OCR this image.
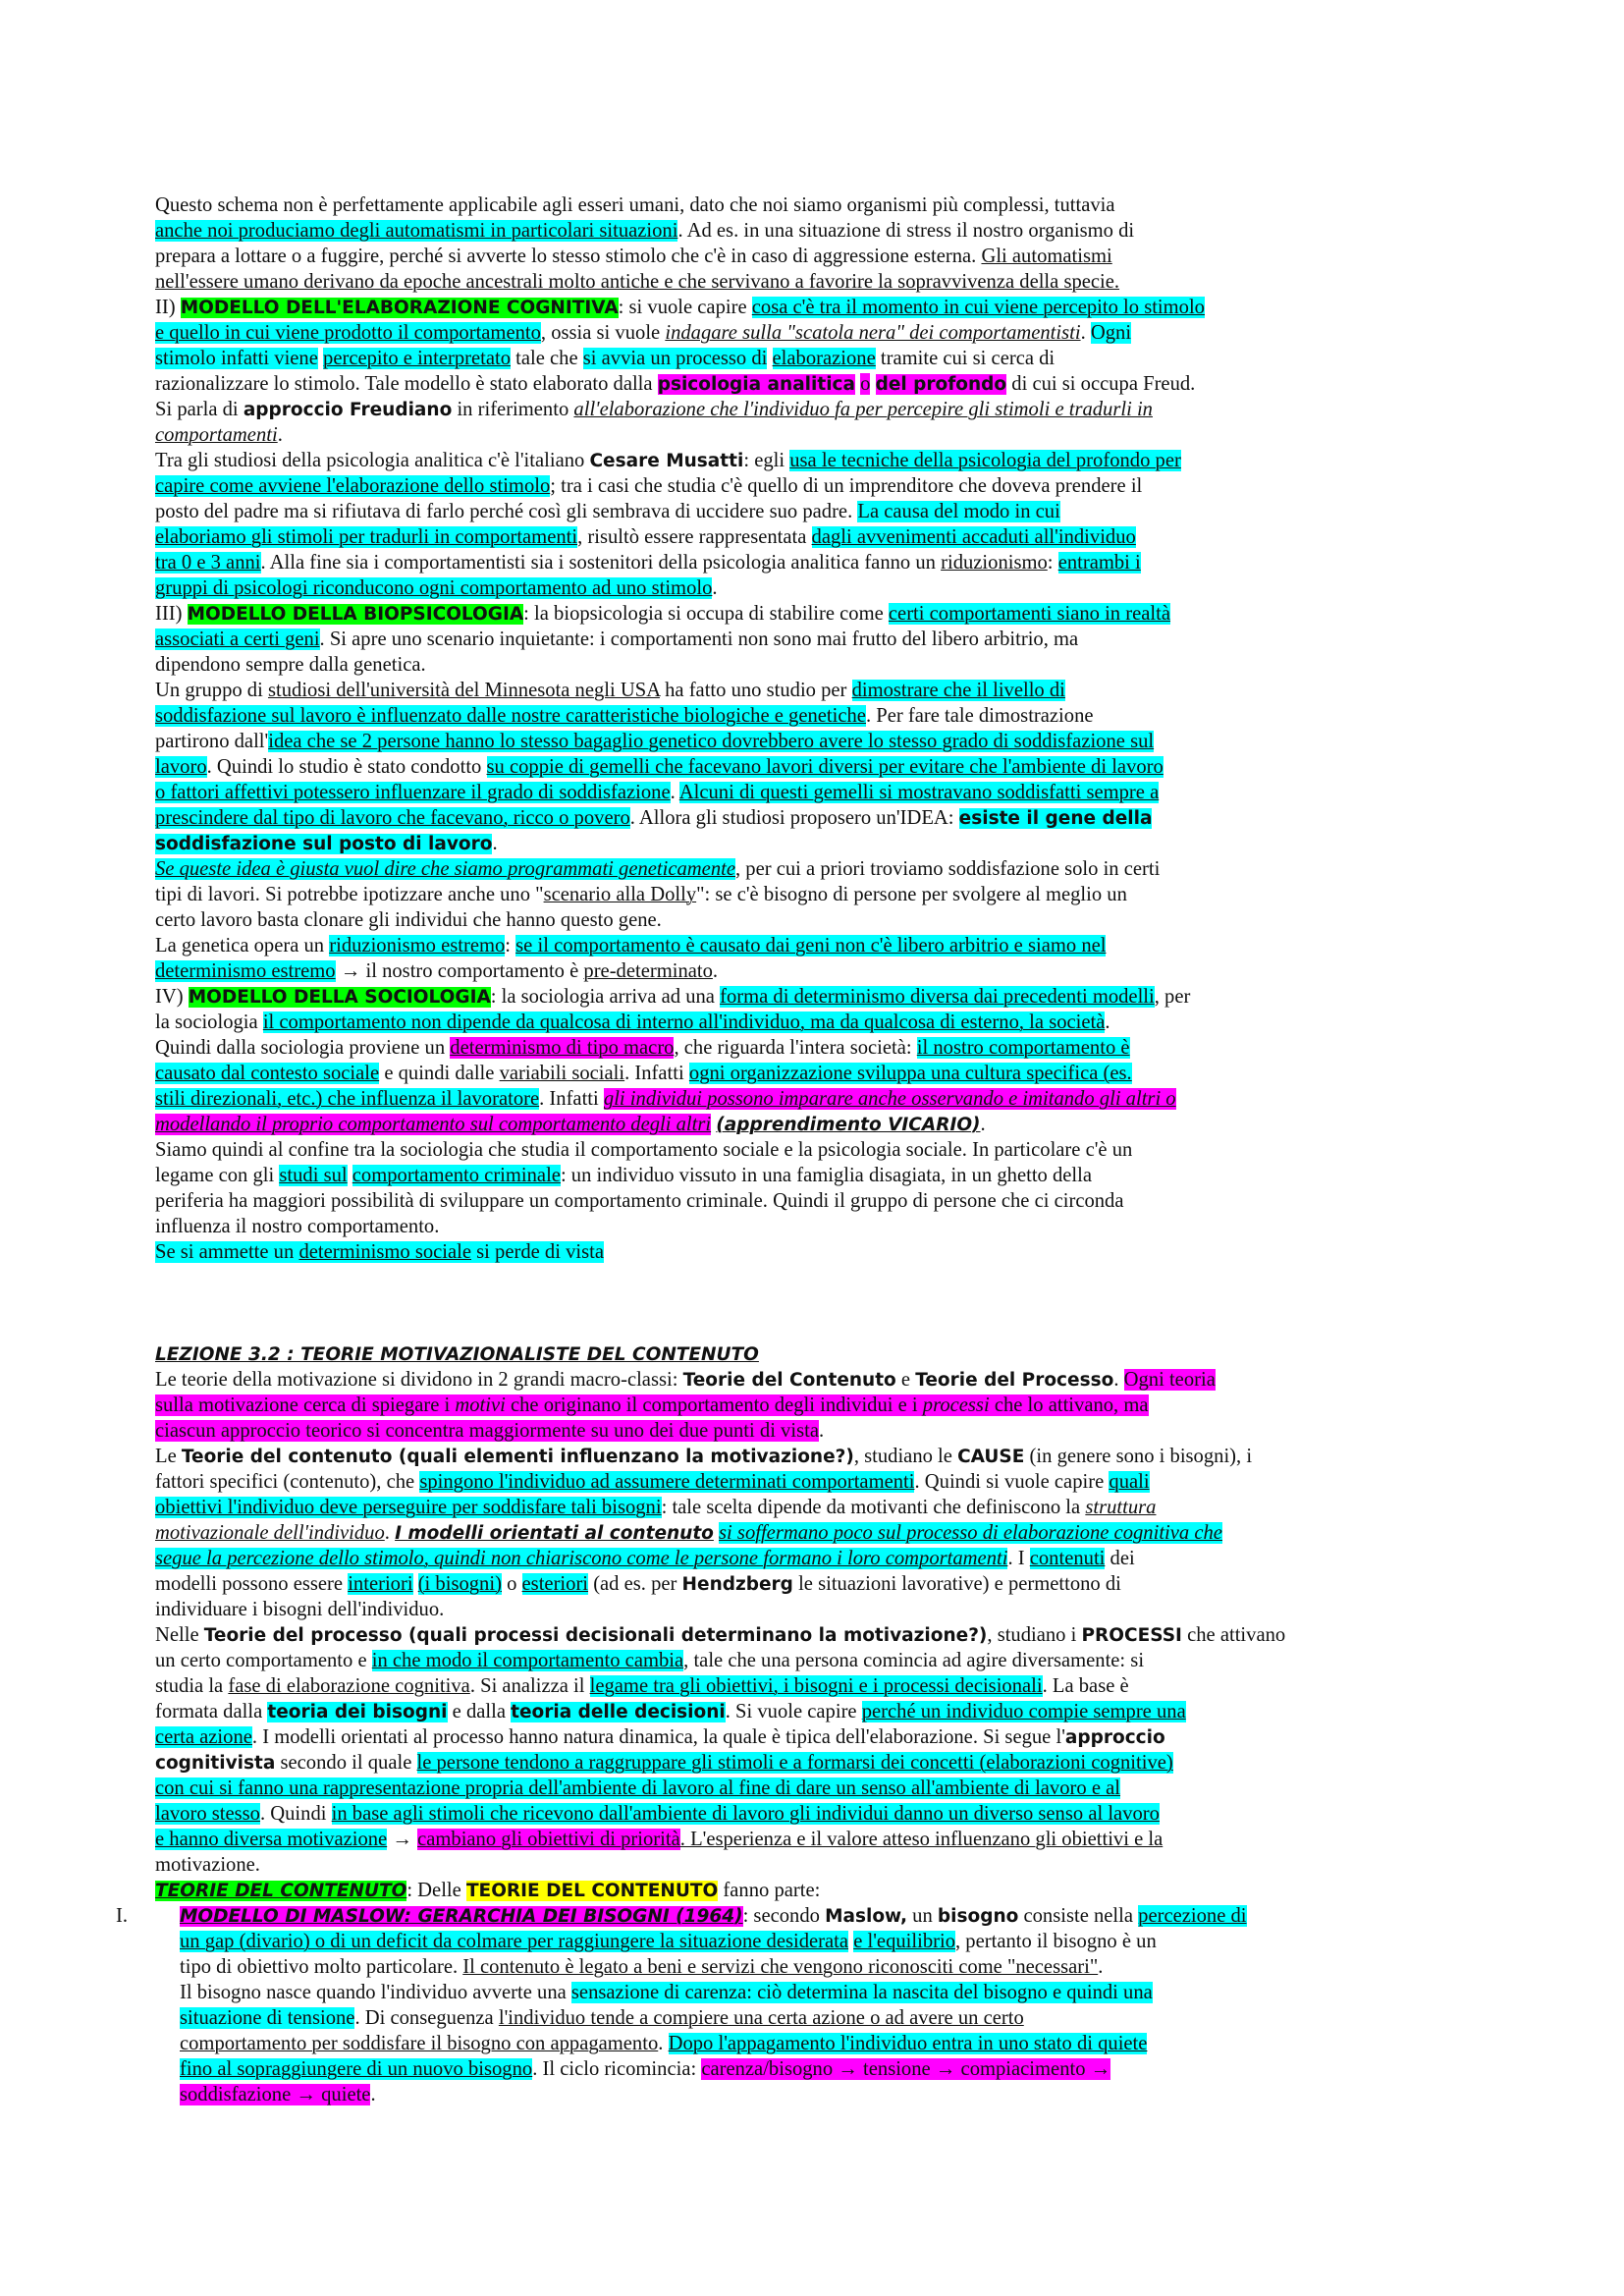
Questo schema non è perfettamente applicabile agli esseri umani, dato che noi siamo organismi più complessi, tuttavia
anche noi produciamo degli automatismi in particolari situazioni. Ad es. in una situazione di stress il nostro organismo di
prepara a lottare o a fuggire, perché si avverte lo stesso stimolo che c'è in caso di aggressione esterna. Gli automatismi
nell'essere umano derivano da epoche ancestrali molto antiche e che servivano a favorire la sopravvivenza della specie.
II) MODELLO DELL'ELABORAZIONE COGNITIVA: si vuole capire cosa c'è tra il momento in cui viene percepito lo stimolo
e quello in cui viene prodotto il comportamento, ossia si vuole indagare sulla "scatola nera" dei comportamentisti. Ogni
stimolo infatti viene percepito e interpretato tale che si avvia un processo di elaborazione tramite cui si cerca di
razionalizzare lo stimolo. Tale modello è stato elaborato dalla psicologia analitica o del profondo di cui si occupa Freud.
Si parla di approccio Freudiano in riferimento all'elaborazione che l'individuo fa per percepire gli stimoli e tradurli in
comportamenti.
Tra gli studiosi della psicologia analitica c'è l'italiano Cesare Musatti: egli usa le tecniche della psicologia del profondo per
capire come avviene l'elaborazione dello stimolo; tra i casi che studia c'è quello di un imprenditore che doveva prendere il
posto del padre ma si rifiutava di farlo perché così gli sembrava di uccidere suo padre. La causa del modo in cui
elaboriamo gli stimoli per tradurli in comportamenti, risultò essere rappresentata dagli avvenimenti accaduti all'individuo
tra 0 e 3 anni. Alla fine sia i comportamentisti sia i sostenitori della psicologia analitica fanno un riduzionismo: entrambi i
gruppi di psicologi riconducono ogni comportamento ad uno stimolo.
III) MODELLO DELLA BIOPSICOLOGIA: la biopsicologia si occupa di stabilire come certi comportamenti siano in realtà
associati a certi geni. Si apre uno scenario inquietante: i comportamenti non sono mai frutto del libero arbitrio, ma
dipendono sempre dalla genetica.
Un gruppo di studiosi dell'università del Minnesota negli USA ha fatto uno studio per dimostrare che il livello di
soddisfazione sul lavoro è influenzato dalle nostre caratteristiche biologiche e genetiche. Per fare tale dimostrazione
partirono dall'idea che se 2 persone hanno lo stesso bagaglio genetico dovrebbero avere lo stesso grado di soddisfazione sul
lavoro. Quindi lo studio è stato condotto su coppie di gemelli che facevano lavori diversi per evitare che l'ambiente di lavoro
o fattori affettivi potessero influenzare il grado di soddisfazione. Alcuni di questi gemelli si mostravano soddisfatti sempre a
prescindere dal tipo di lavoro che facevano, ricco o povero. Allora gli studiosi proposero un'IDEA: esiste il gene della
soddisfazione sul posto di lavoro.
Se queste idea è giusta vuol dire che siamo programmati geneticamente, per cui a priori troviamo soddisfazione solo in certi
tipi di lavori. Si potrebbe ipotizzare anche uno "scenario alla Dolly": se c'è bisogno di persone per svolgere al meglio un
certo lavoro basta clonare gli individui che hanno questo gene.
La genetica opera un riduzionismo estremo: se il comportamento è causato dai geni non c'è libero arbitrio e siamo nel
determinismo estremo → il nostro comportamento è pre-determinato.
IV) MODELLO DELLA SOCIOLOGIA: la sociologia arriva ad una forma di determinismo diversa dai precedenti modelli, per
la sociologia il comportamento non dipende da qualcosa di interno all'individuo, ma da qualcosa di esterno, la società.
Quindi dalla sociologia proviene un determinismo di tipo macro, che riguarda l'intera società: il nostro comportamento è
causato dal contesto sociale e quindi dalle variabili sociali. Infatti ogni organizzazione sviluppa una cultura specifica (es.
stili direzionali, etc.) che influenza il lavoratore. Infatti gli individui possono imparare anche osservando e imitando gli altri o
modellando il proprio comportamento sul comportamento degli altri (apprendimento VICARIO).
Siamo quindi al confine tra la sociologia che studia il comportamento sociale e la psicologia sociale. In particolare c'è un
legame con gli studi sul comportamento criminale: un individuo vissuto in una famiglia disagiata, in un ghetto della
periferia ha maggiori possibilità di sviluppare un comportamento criminale. Quindi il gruppo di persone che ci circonda
influenza il nostro comportamento.
Se si ammette un determinismo sociale si perde di vista
LEZIONE 3.2 : TEORIE MOTIVAZIONALISTE DEL CONTENUTO
Le teorie della motivazione si dividono in 2 grandi macro-classi: Teorie del Contenuto e Teorie del Processo. Ogni teoria
sulla motivazione cerca di spiegare i motivi che originano il comportamento degli individui e i processi che lo attivano, ma
ciascun approccio teorico si concentra maggiormente su uno dei due punti di vista.
Le Teorie del contenuto (quali elementi influenzano la motivazione?), studiano le CAUSE (in genere sono i bisogni), i
fattori specifici (contenuto), che spingono l'individuo ad assumere determinati comportamenti. Quindi si vuole capire quali
obiettivi l'individuo deve perseguire per soddisfare tali bisogni: tale scelta dipende da motivanti che definiscono la struttura
motivazionale dell'individuo. I modelli orientati al contenuto si soffermano poco sul processo di elaborazione cognitiva che
segue la percezione dello stimolo, quindi non chiariscono come le persone formano i loro comportamenti. I contenuti dei
modelli possono essere interiori (i bisogni) o esteriori (ad es. per Hendzberg le situazioni lavorative) e permettono di
individuare i bisogni dell'individuo.
Nelle Teorie del processo (quali processi decisionali determinano la motivazione?), studiano i PROCESSI che attivano
un certo comportamento e in che modo il comportamento cambia, tale che una persona comincia ad agire diversamente: si
studia la fase di elaborazione cognitiva. Si analizza il legame tra gli obiettivi, i bisogni e i processi decisionali. La base è
formata dalla teoria dei bisogni e dalla teoria delle decisioni. Si vuole capire perché un individuo compie sempre una
certa azione. I modelli orientati al processo hanno natura dinamica, la quale è tipica dell'elaborazione. Si segue l'approccio
cognitivista secondo il quale le persone tendono a raggruppare gli stimoli e a formarsi dei concetti (elaborazioni cognitive)
con cui si fanno una rappresentazione propria dell'ambiente di lavoro al fine di dare un senso all'ambiente di lavoro e al
lavoro stesso. Quindi in base agli stimoli che ricevono dall'ambiente di lavoro gli individui danno un diverso senso al lavoro
e hanno diversa motivazione → cambiano gli obiettivi di priorità. L'esperienza e il valore atteso influenzano gli obiettivi e la
motivazione.
TEORIE DEL CONTENUTO: Delle TEORIE DEL CONTENUTO fanno parte:
I.	MODELLO DI MASLOW: GERARCHIA DEI BISOGNI (1964): secondo Maslow, un bisogno consiste nella percezione di
un gap (divario) o di un deficit da colmare per raggiungere la situazione desiderata e l'equilibrio, pertanto il bisogno è un
tipo di obiettivo molto particolare. Il contenuto è legato a beni e servizi che vengono riconosciti come "necessari".
Il bisogno nasce quando l'individuo avverte una sensazione di carenza: ciò determina la nascita del bisogno e quindi una
situazione di tensione. Di conseguenza l'individuo tende a compiere una certa azione o ad avere un certo
comportamento per soddisfare il bisogno con appagamento. Dopo l'appagamento l'individuo entra in uno stato di quiete
fino al sopraggiungere di un nuovo bisogno. Il ciclo ricomincia: carenza/bisogno → tensione → compiacimento →
soddisfazione → quiete.
